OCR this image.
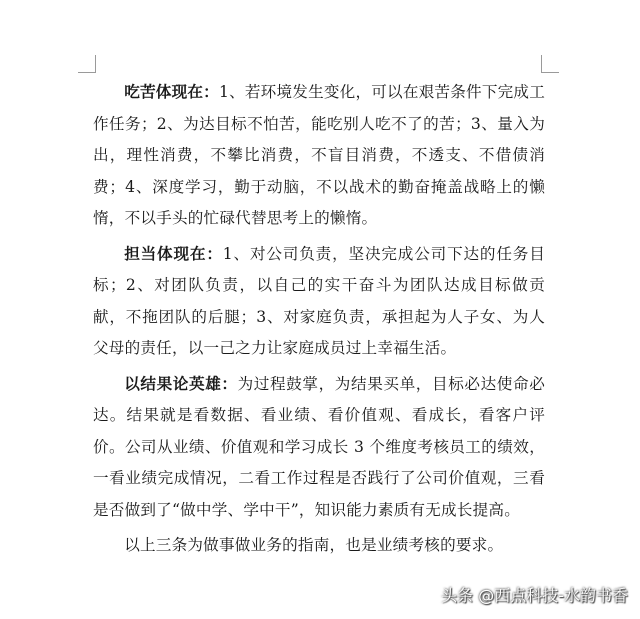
吃苦体现在：1、若环境发生变化，可以在艰苦条件下完成工作任务；2、为达目标不怕苦，能吃别人吃不了的苦；3、量入为出，理性消费，不攀比消费，不盲目消费，不透支、不借债消费；4、深度学习，勤于动脑，不以战术的勤奋掩盖战略上的懒惰，不以手头的忙碌代替思考上的懒惰。

担当体现在：1、对公司负责，坚决完成公司下达的任务目标；2、对团队负责，以自己的实干奋斗为团队达成目标做贡献，不拖团队的后腿；3、对家庭负责，承担起为人子女、为人父母的责任，以一己之力让家庭成员过上幸福生活。

以结果论英雄：为过程鼓掌，为结果买单，目标必达使命必达。结果就是看数据、看业绩、看价值观、看成长，看客户评价。公司从业绩、价值观和学习成长 3 个维度考核员工的绩效，一看业绩完成情况，二看工作过程是否践行了公司价值观，三看是否做到了“做中学、学中干”，知识能力素质有无成长提高。

以上三条为做事做业务的指南，也是业绩考核的要求。

头条 @西点科技-水韵书香
